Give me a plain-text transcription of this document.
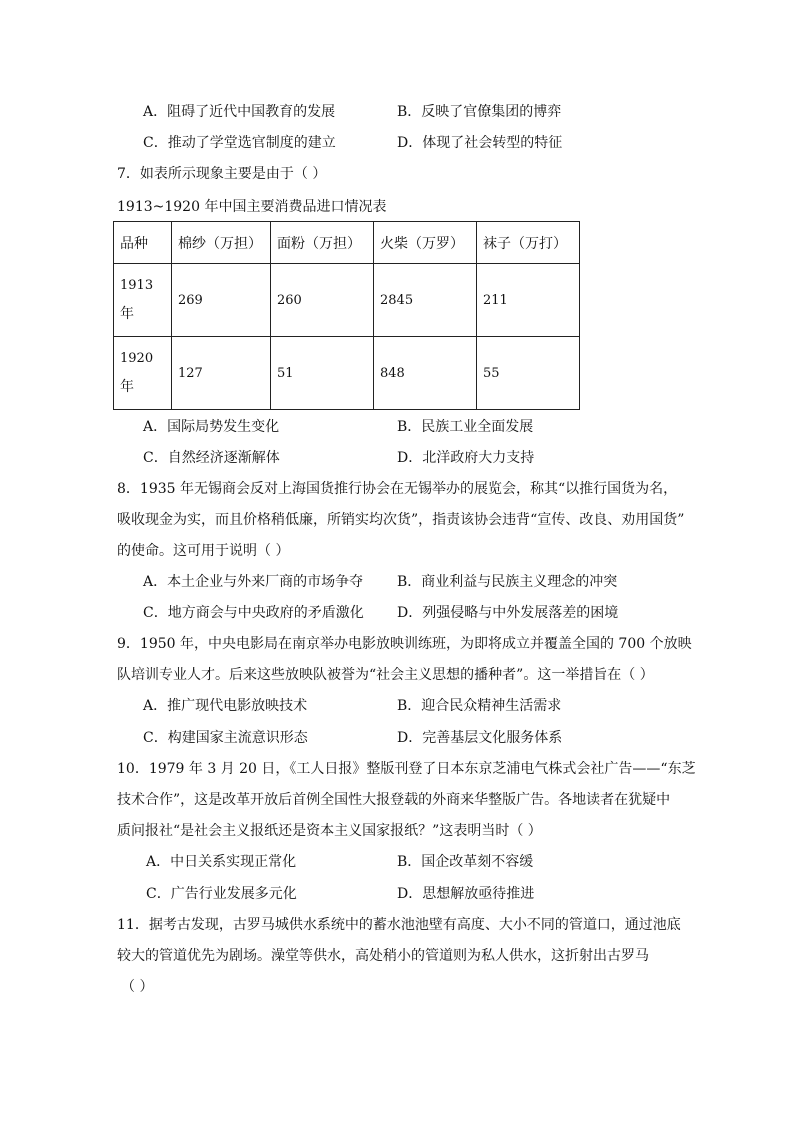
A．阻碍了近代中国教育的发展	B．反映了官僚集团的博弈
C．推动了学堂选官制度的建立	D．体现了社会转型的特征
7．如表所示现象主要是由于（ ）
1913~1920 年中国主要消费品进口情况表
品种	棉纱（万担）	面粉（万担）	火柴（万罗）	袜子（万打）
1913
年	269	260	2845	211
1920
年	127	51	848	55
A．国际局势发生变化	B．民族工业全面发展
C．自然经济逐渐解体	D．北洋政府大力支持
8．1935 年无锡商会反对上海国货推行协会在无锡举办的展览会，称其“以推行国货为名，
吸收现金为实，而且价格稍低廉，所销实均次货”，指责该协会违背“宣传、改良、劝用国货”
的使命。这可用于说明（ ）
A．本土企业与外来厂商的市场争夺 B．商业利益与民族主义理念的冲突
C．地方商会与中央政府的矛盾激化 D．列强侵略与中外发展落差的困境
9．1950 年，中央电影局在南京举办电影放映训练班，为即将成立并覆盖全国的 700 个放映
队培训专业人才。后来这些放映队被誉为“社会主义思想的播种者”。这一举措旨在（ ）
A．推广现代电影放映技术	B．迎合民众精神生活需求
C．构建国家主流意识形态	D．完善基层文化服务体系
10．1979 年 3 月 20 日，《工人日报》整版刊登了日本东京芝浦电气株式会社广告——“东芝
技术合作”，这是改革开放后首例全国性大报登载的外商来华整版广告。各地读者在犹疑中
质问报社“是社会主义报纸还是资本主义国家报纸？”这表明当时（ ）
A．中日关系实现正常化	B．国企改革刻不容缓
C．广告行业发展多元化	D．思想解放亟待推进
11．据考古发现，古罗马城供水系统中的蓄水池池壁有高度、大小不同的管道口，通过池底
较大的管道优先为剧场。澡堂等供水，高处稍小的管道则为私人供水，这折射出古罗马
（ ）
